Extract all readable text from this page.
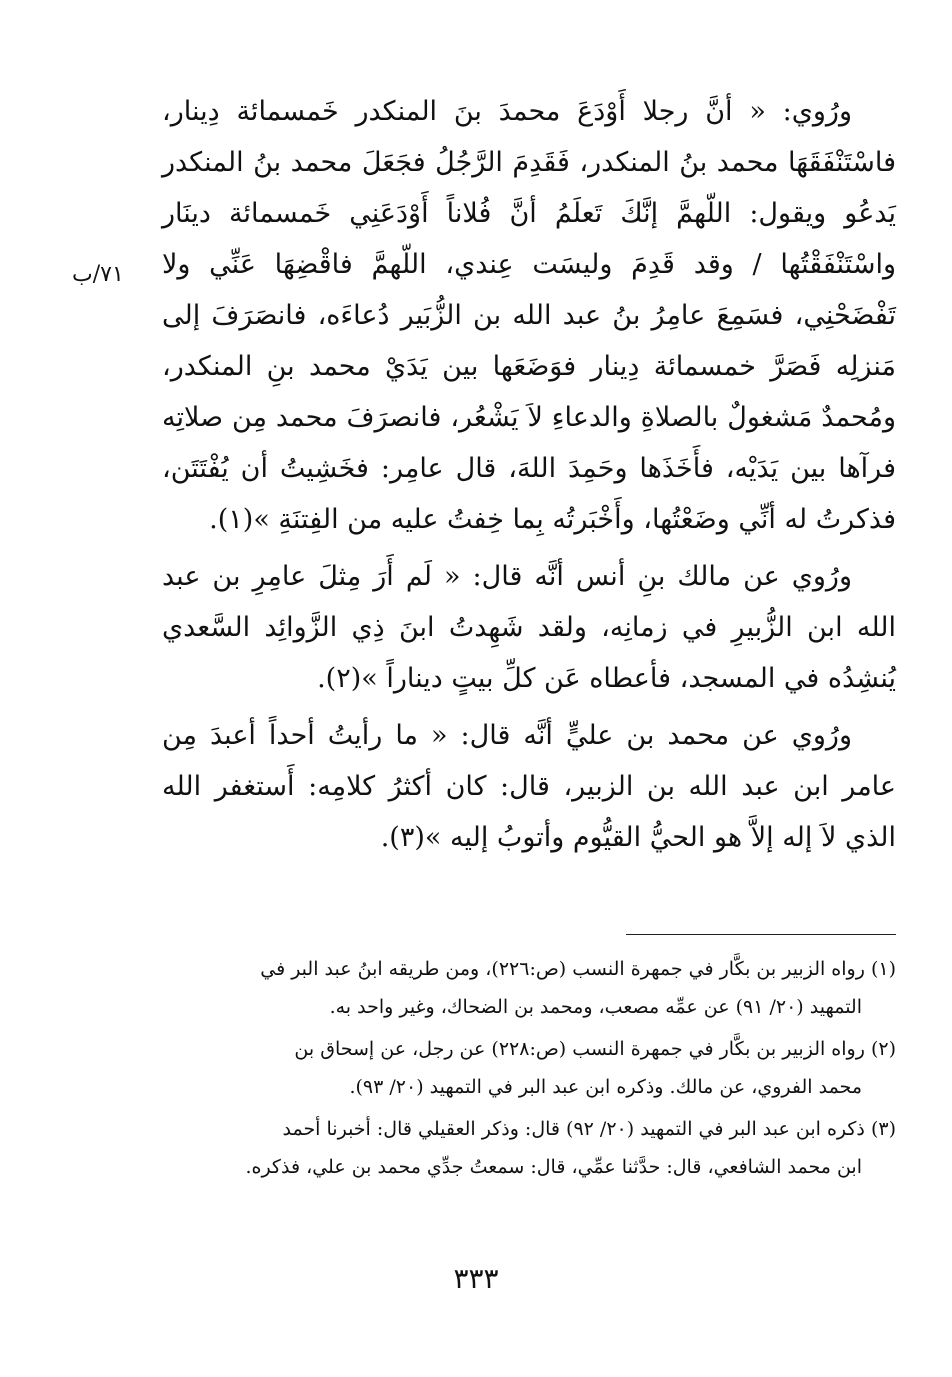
٧١/ب

ورُوي: « أنَّ رجلا أَوْدَعَ محمدَ بنَ المنكدر خَمسمائة دِينار، فاسْتَنْفَقَهَا محمد بنُ المنكدر، فَقَدِمَ الرَّجُلُ فجَعَلَ محمد بنُ المنكدر يَدعُو ويقول: اللّهمَّ إنَّكَ تَعلَمُ أنَّ فُلاناً أَوْدَعَنِي خَمسمائة دينَار واسْتَنْفَقْتُها / وقد قَدِمَ وليسَت عِندي، اللّهمَّ فاقْضِهَا عَنِّي ولا تَفْضَحْنِي، فسَمِعَ عامِرُ بنُ عبد الله بن الزُّبَير دُعاءَه، فانصَرَفَ إلى مَنزلِه فَصَرَّ خمسمائة دِينار فوَضَعَها بين يَدَيْ محمد بنِ المنكدر، ومُحمدٌ مَشغولٌ بالصلاةِ والدعاءِ لاَ يَشْعُر، فانصرَفَ محمد مِن صلاتِه فرآها بين يَدَيْه، فأَخَذَها وحَمِدَ اللهَ، قال عامِر: فخَشِيتُ أن يُفْتَتَن، فذكرتُ له أنِّي وضَعْتُها، وأَخْبَرتُه بِما خِفتُ عليه من الفِتنَةِ »(١).

ورُوي عن مالك بنِ أنس أنَّه قال: « لَم أَرَ مِثلَ عامِرِ بن عبد الله ابن الزُّبيرِ في زمانِه، ولقد شَهِدتُ ابنَ ذِي الزَّوائِد السَّعدي يُنشِدُه في المسجد، فأعطاه عَن كلِّ بيتٍ ديناراً »(٢).

ورُوي عن محمد بن عليٍّ أنَّه قال: « ما رأيتُ أحداً أعبدَ مِن عامر ابن عبد الله بن الزبير، قال: كان أكثرُ كلامِه: أَستغفر الله الذي لاَ إله إلاَّ هو الحيُّ القيُّوم وأتوبُ إليه »(٣).

(١) رواه الزبير بن بكَّار في جمهرة النسب (ص:٢٢٦)، ومن طريقه ابنُ عبد البر في
التمهيد (٢٠/ ٩١) عن عمِّه مصعب، ومحمد بن الضحاك، وغير واحد به.
(٢) رواه الزبير بن بكَّار في جمهرة النسب (ص:٢٢٨) عن رجل، عن إسحاق بن
محمد الفروي، عن مالك. وذكره ابن عبد البر في التمهيد (٢٠/ ٩٣).
(٣) ذكره ابن عبد البر في التمهيد (٢٠/ ٩٢) قال: وذكر العقيلي قال: أخبرنا أحمد
ابن محمد الشافعي، قال: حدَّثنا عمِّي، قال: سمعتُ جدِّي محمد بن علي، فذكره.
٣٣٣
